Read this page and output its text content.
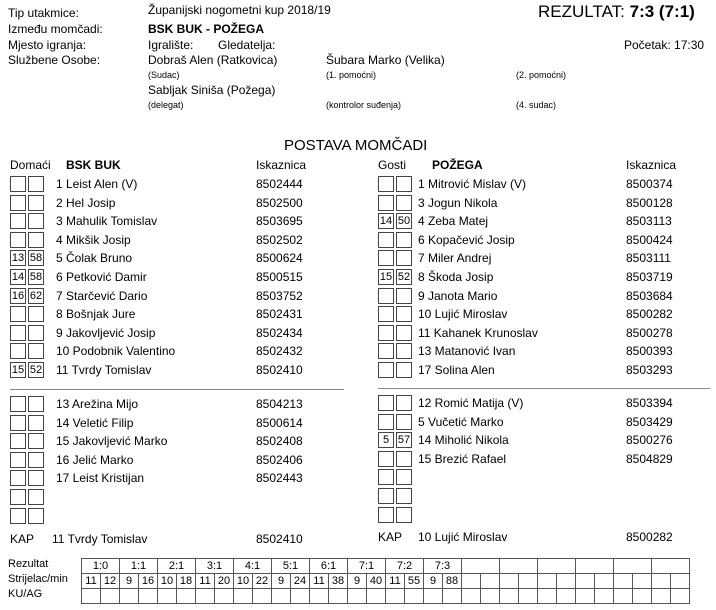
Tip utakmice:	Županijski nogometni kup 2018/19	REZULTAT: 7:3 (7:1)
Između momčadi:	BSK BUK - POŽEGA
Mjesto igranja:	Igralište: Gledatelja:	Početak: 17:30
Službene Osobe:	Dobraš Alen (Ratkovica)	Šubara Marko (Velika)
(Sudac)	(1. pomoćni)	(2. pomoćni)
Sabljak Siniša (Požega)
(delegat)	(kontrolor suđenja)	(4. sudac)
POSTAVA MOMČADI
Domaći BSK BUK	Iskaznica	Gosti POŽEGA	Iskaznica
1 Leist Alen (V)	8502444
2 Hel Josip	8502500
3 Mahulik Tomislav	8503695
4 Mikšik Josip	8502502
13 58 5 Čolak Bruno	8500624
14 58 6 Petković Damir	8500515
16 62 7 Starčević Dario	8503752
8 Bošnjak Jure	8502431
9 Jakovljević Josip	8502434
10 Podobnik Valentino	8502432
15 52 11 Tvrdy Tomislav	8502410
13 Arežina Mijo	8504213
14 Veletić Filip	8500614
15 Jakovljević Marko	8502408
16 Jelić Marko	8502406
17 Leist Kristijan	8502443
1 Mitrović Mislav (V)	8500374
3 Jogun Nikola	8500128
14 50 4 Zeba Matej	8503113
6 Kopačević Josip	8500424
7 Miler Andrej	8503111
15 52 8 Škoda Josip	8503719
9 Janota Mario	8503684
10 Lujić Miroslav	8500282
11 Kahanek Krunoslav	8500278
13 Matanović Ivan	8500393
17 Solina Alen	8503293
12 Romić Matija (V)	8503394
5 Vučetić Marko	8503429
5 57 14 Miholić Nikola	8500276
15 Brezić Rafael	8504829
KAP 11 Tvrdy Tomislav	8502410	KAP 10 Lujić Miroslav	8500282
Rezultat
Strijelac/min
KU/AG
1:0		1:1		2:1		3:1		4:1		5:1		6:1		7:1		7:2		7:3													
11	12	9	16	10	18	11	20	10	22	9	24	11	38	9	40	11	55	9	88												
